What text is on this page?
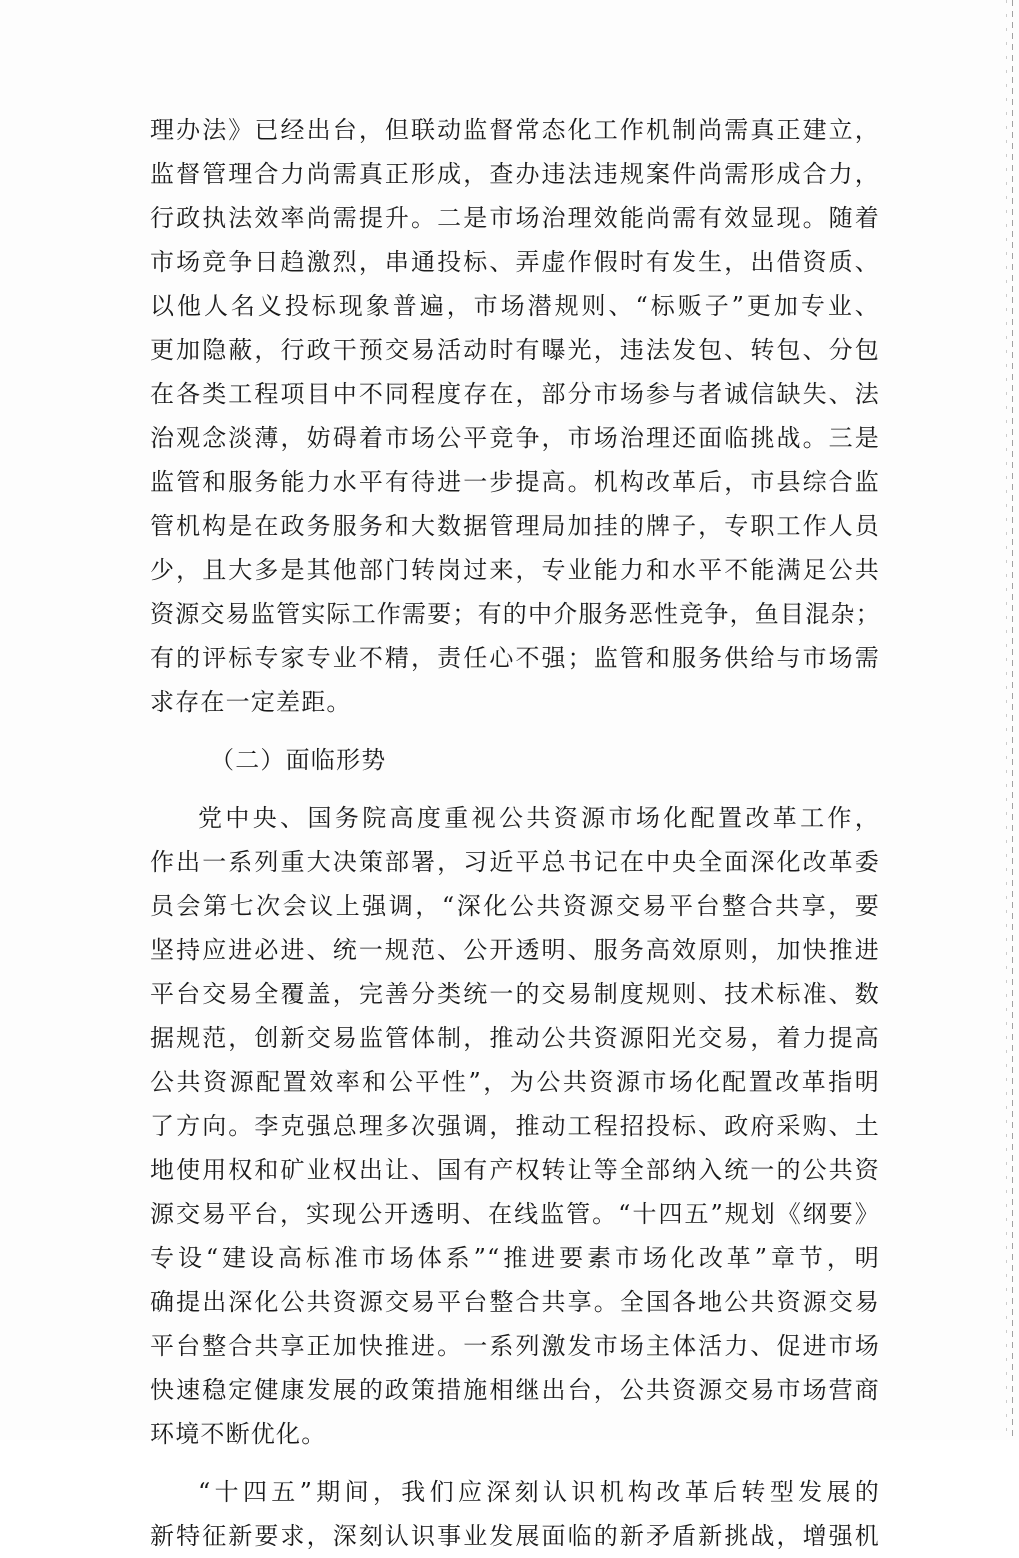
理办法》已经出台，但联动监督常态化工作机制尚需真正建立，
监督管理合力尚需真正形成，查办违法违规案件尚需形成合力，
行政执法效率尚需提升。二是市场治理效能尚需有效显现。随着
市场竞争日趋激烈，串通投标、弄虚作假时有发生，出借资质、
以他人名义投标现象普遍，市场潜规则、“标贩子”更加专业、
更加隐蔽，行政干预交易活动时有曝光，违法发包、转包、分包
在各类工程项目中不同程度存在，部分市场参与者诚信缺失、法
治观念淡薄，妨碍着市场公平竞争，市场治理还面临挑战。三是
监管和服务能力水平有待进一步提高。机构改革后，市县综合监
管机构是在政务服务和大数据管理局加挂的牌子，专职工作人员
少，且大多是其他部门转岗过来，专业能力和水平不能满足公共
资源交易监管实际工作需要；有的中介服务恶性竞争，鱼目混杂；
有的评标专家专业不精，责任心不强；监管和服务供给与市场需
求存在一定差距。
（二）面临形势
党中央、国务院高度重视公共资源市场化配置改革工作，
作出一系列重大决策部署，习近平总书记在中央全面深化改革委
员会第七次会议上强调，“深化公共资源交易平台整合共享，要
坚持应进必进、统一规范、公开透明、服务高效原则，加快推进
平台交易全覆盖，完善分类统一的交易制度规则、技术标准、数
据规范，创新交易监管体制，推动公共资源阳光交易，着力提高
公共资源配置效率和公平性”，为公共资源市场化配置改革指明
了方向。李克强总理多次强调，推动工程招投标、政府采购、土
地使用权和矿业权出让、国有产权转让等全部纳入统一的公共资
源交易平台，实现公开透明、在线监管。“十四五”规划《纲要》
专设“建设高标准市场体系”“推进要素市场化改革”章节，明
确提出深化公共资源交易平台整合共享。全国各地公共资源交易
平台整合共享正加快推进。一系列激发市场主体活力、促进市场
快速稳定健康发展的政策措施相继出台，公共资源交易市场营商
环境不断优化。
“十四五”期间，我们应深刻认识机构改革后转型发展的
新特征新要求，深刻认识事业发展面临的新矛盾新挑战，增强机
